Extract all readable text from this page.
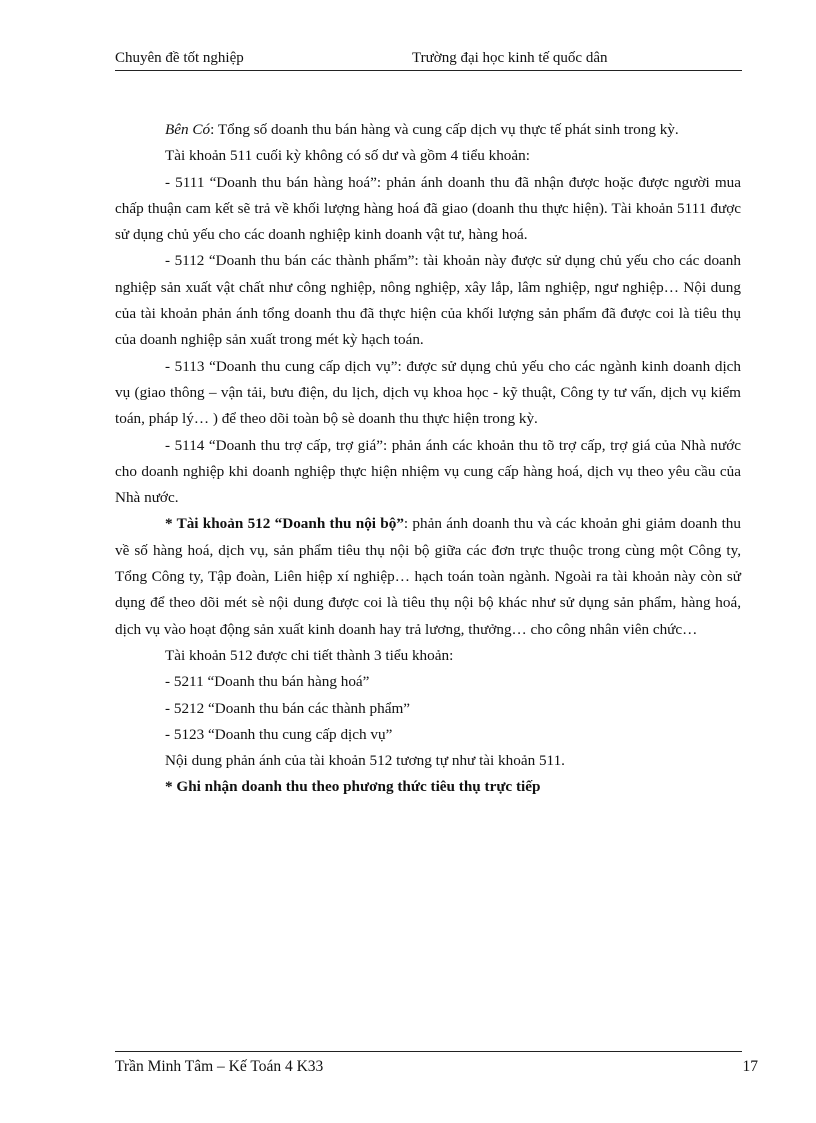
Chuyên đề tốt nghiệp	Trường đại học kinh tế quốc dân

Bên Có: Tổng số doanh thu bán hàng và cung cấp dịch vụ thực tế phát sinh trong kỳ.

Tài khoản 511 cuối kỳ không có số dư và gồm 4 tiểu khoản:

- 5111 “Doanh thu bán hàng hoá”: phản ánh doanh thu đã nhận được hoặc được người mua chấp thuận cam kết sẽ trả về khối lượng hàng hoá đã giao (doanh thu thực hiện). Tài khoản 5111 được sử dụng chủ yếu cho các doanh nghiệp kinh doanh vật tư, hàng hoá.

- 5112 “Doanh thu bán các thành phẩm”: tài khoản này được sử dụng chủ yếu cho các doanh nghiệp sản xuất vật chất như công nghiệp, nông nghiệp, xây lắp, lâm nghiệp, ngư nghiệp… Nội dung của tài khoản phản ánh tổng doanh thu đã thực hiện của khối lượng sản phẩm đã được coi là tiêu thụ của doanh nghiệp sản xuất trong mét kỳ hạch toán.

- 5113 “Doanh thu cung cấp dịch vụ”: được sử dụng chủ yếu cho các ngành kinh doanh dịch vụ (giao thông – vận tải, bưu điện, du lịch, dịch vụ khoa học - kỹ thuật, Công ty tư vấn, dịch vụ kiểm toán, pháp lý… ) để theo dõi toàn bộ sè doanh thu thực hiện trong kỳ.

- 5114 “Doanh thu trợ cấp, trợ giá”: phản ánh các khoản thu tõ trợ cấp, trợ giá của Nhà nước cho doanh nghiệp khi doanh nghiệp thực hiện nhiệm vụ cung cấp hàng hoá, dịch vụ theo yêu cầu của Nhà nước.

* Tài khoản 512 “Doanh thu nội bộ”: phản ánh doanh thu và các khoản ghi giảm doanh thu về số hàng hoá, dịch vụ, sản phẩm tiêu thụ nội bộ giữa các đơn trực thuộc trong cùng một Công ty, Tổng Công ty, Tập đoàn, Liên hiệp xí nghiệp… hạch toán toàn ngành. Ngoài ra tài khoản này còn sử dụng để theo dõi mét sè nội dung được coi là tiêu thụ nội bộ khác như sử dụng sản phẩm, hàng hoá, dịch vụ vào hoạt động sản xuất kinh doanh hay trả lương, thưởng… cho công nhân viên chức…

Tài khoản 512 được chi tiết thành 3 tiểu khoản:

- 5211 “Doanh thu bán hàng hoá”

- 5212 “Doanh thu bán các thành phẩm”

- 5123 “Doanh thu cung cấp dịch vụ”

Nội dung phản ánh của tài khoản 512 tương tự như tài khoản 511.

* Ghi nhận doanh thu theo phương thức tiêu thụ trực tiếp

Trần Minh Tâm – Kế Toán 4 K33	17
